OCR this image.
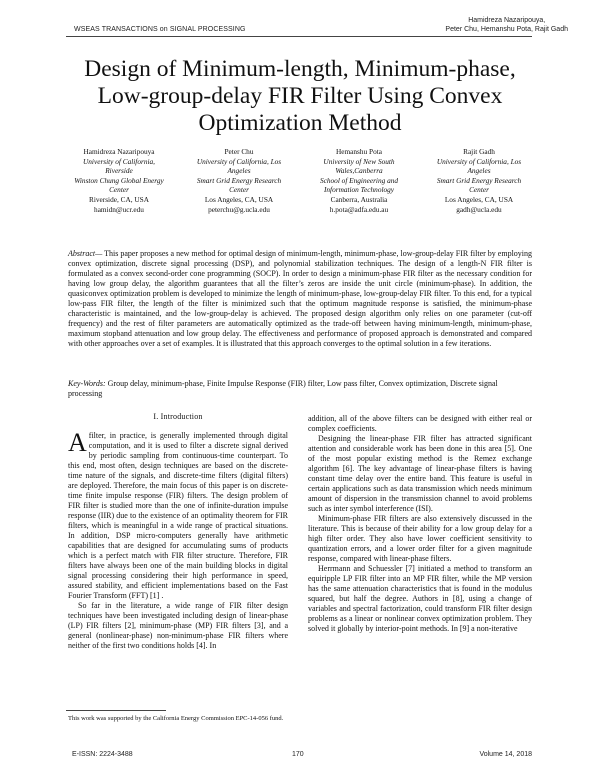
WSEAS TRANSACTIONS on SIGNAL PROCESSING
Hamidreza Nazaripouya,
Peter Chu, Hemanshu Pota, Rajit Gadh
Design of Minimum-length, Minimum-phase,
Low-group-delay FIR Filter Using Convex
Optimization Method
Hamidreza Nazaripouya
University of California,
Riverside
Winston Chung Global Energy
Center
Riverside, CA, USA
hamidn@ucr.edu
Peter Chu
University of California, Los
Angeles
Smart Grid Energy Research
Center
Los Angeles, CA, USA
peterchu@g.ucla.edu
Hemanshu Pota
University of New South
Wales,Canberra
School of Engineering and
Information Technology
Canberra, Australia
h.pota@adfa.edu.au
Rajit Gadh
University of California, Los
Angeles
Smart Grid Energy Research
Center
Los Angeles, CA, USA
gadh@ucla.edu
Abstract— This paper proposes a new method for optimal design of minimum-length, minimum-phase, low-group-delay FIR filter by employing convex optimization, discrete signal processing (DSP), and polynomial stabilization techniques. The design of a length-N FIR filter is formulated as a convex second-order cone programming (SOCP). In order to design a minimum-phase FIR filter as the necessary condition for having low group delay, the algorithm guarantees that all the filter’s zeros are inside the unit circle (minimum-phase). In addition, the quasiconvex optimization problem is developed to minimize the length of minimum-phase, low-group-delay FIR filter. To this end, for a typical low-pass FIR filter, the length of the filter is minimized such that the optimum magnitude response is satisfied, the minimum-phase characteristic is maintained, and the low-group-delay is achieved. The proposed design algorithm only relies on one parameter (cut-off frequency) and the rest of filter parameters are automatically optimized as the trade-off between having minimum-length, minimum-phase, maximum stopband attenuation and low group delay. The effectiveness and performance of proposed approach is demonstrated and compared with other approaches over a set of examples. It is illustrated that this approach converges to the optimal solution in a few iterations.
Key-Words: Group delay, minimum-phase, Finite Impulse Response (FIR) filter, Low pass filter, Convex optimization, Discrete signal processing
I. Introduction

Afilter, in practice, is generally implemented through digital computation, and it is used to filter a discrete signal derived by periodic sampling from continuous-time counterpart. To this end, most often, design techniques are based on the discrete-time nature of the signals, and discrete-time filters (digital filters) are deployed. Therefore, the main focus of this paper is on discrete-time finite impulse response (FIR) filters. The design problem of FIR filter is studied more than the one of infinite-duration impulse response (IIR) due to the existence of an optimality theorem for FIR filters, which is meaningful in a wide range of practical situations. In addition, DSP micro-computers generally have arithmetic capabilities that are designed for accumulating sums of products which is a perfect match with FIR filter structure. Therefore, FIR filters have always been one of the main building blocks in digital signal processing considering their high performance in speed, assured stability, and efficient implementations based on the Fast Fourier Transform (FFT) [1] .

So far in the literature, a wide range of FIR filter design techniques have been investigated including design of linear-phase (LP) FIR filters [2], minimum-phase (MP) FIR filters [3], and a general (nonlinear-phase) non-minimum-phase FIR filters where neither of the first two conditions holds [4]. In

addition, all of the above filters can be designed with either real or complex coefficients.

Designing the linear-phase FIR filter has attracted significant attention and considerable work has been done in this area [5]. One of the most popular existing method is the Remez exchange algorithm [6]. The key advantage of linear-phase filters is having constant time delay over the entire band. This feature is useful in certain applications such as data transmission which needs minimum amount of dispersion in the transmission channel to avoid problems such as inter symbol interference (ISI).

Minimum-phase FIR filters are also extensively discussed in the literature. This is because of their ability for a low group delay for a high filter order. They also have lower coefficient sensitivity to quantization errors, and a lower order filter for a given magnitude response, compared with linear-phase filters.

Herrmann and Schuessler [7] initiated a method to transform an equiripple LP FIR filter into an MP FIR filter, while the MP version has the same attenuation characteristics that is found in the modulus squared, but half the degree. Authors in [8], using a change of variables and spectral factorization, could transform FIR filter design problems as a linear or nonlinear convex optimization problem. They solved it globally by interior-point methods. In [9] a non-iterative

This work was supported by the California Energy Commission EPC-14-056 fund.
E-ISSN: 2224-3488	170	Volume 14, 2018
